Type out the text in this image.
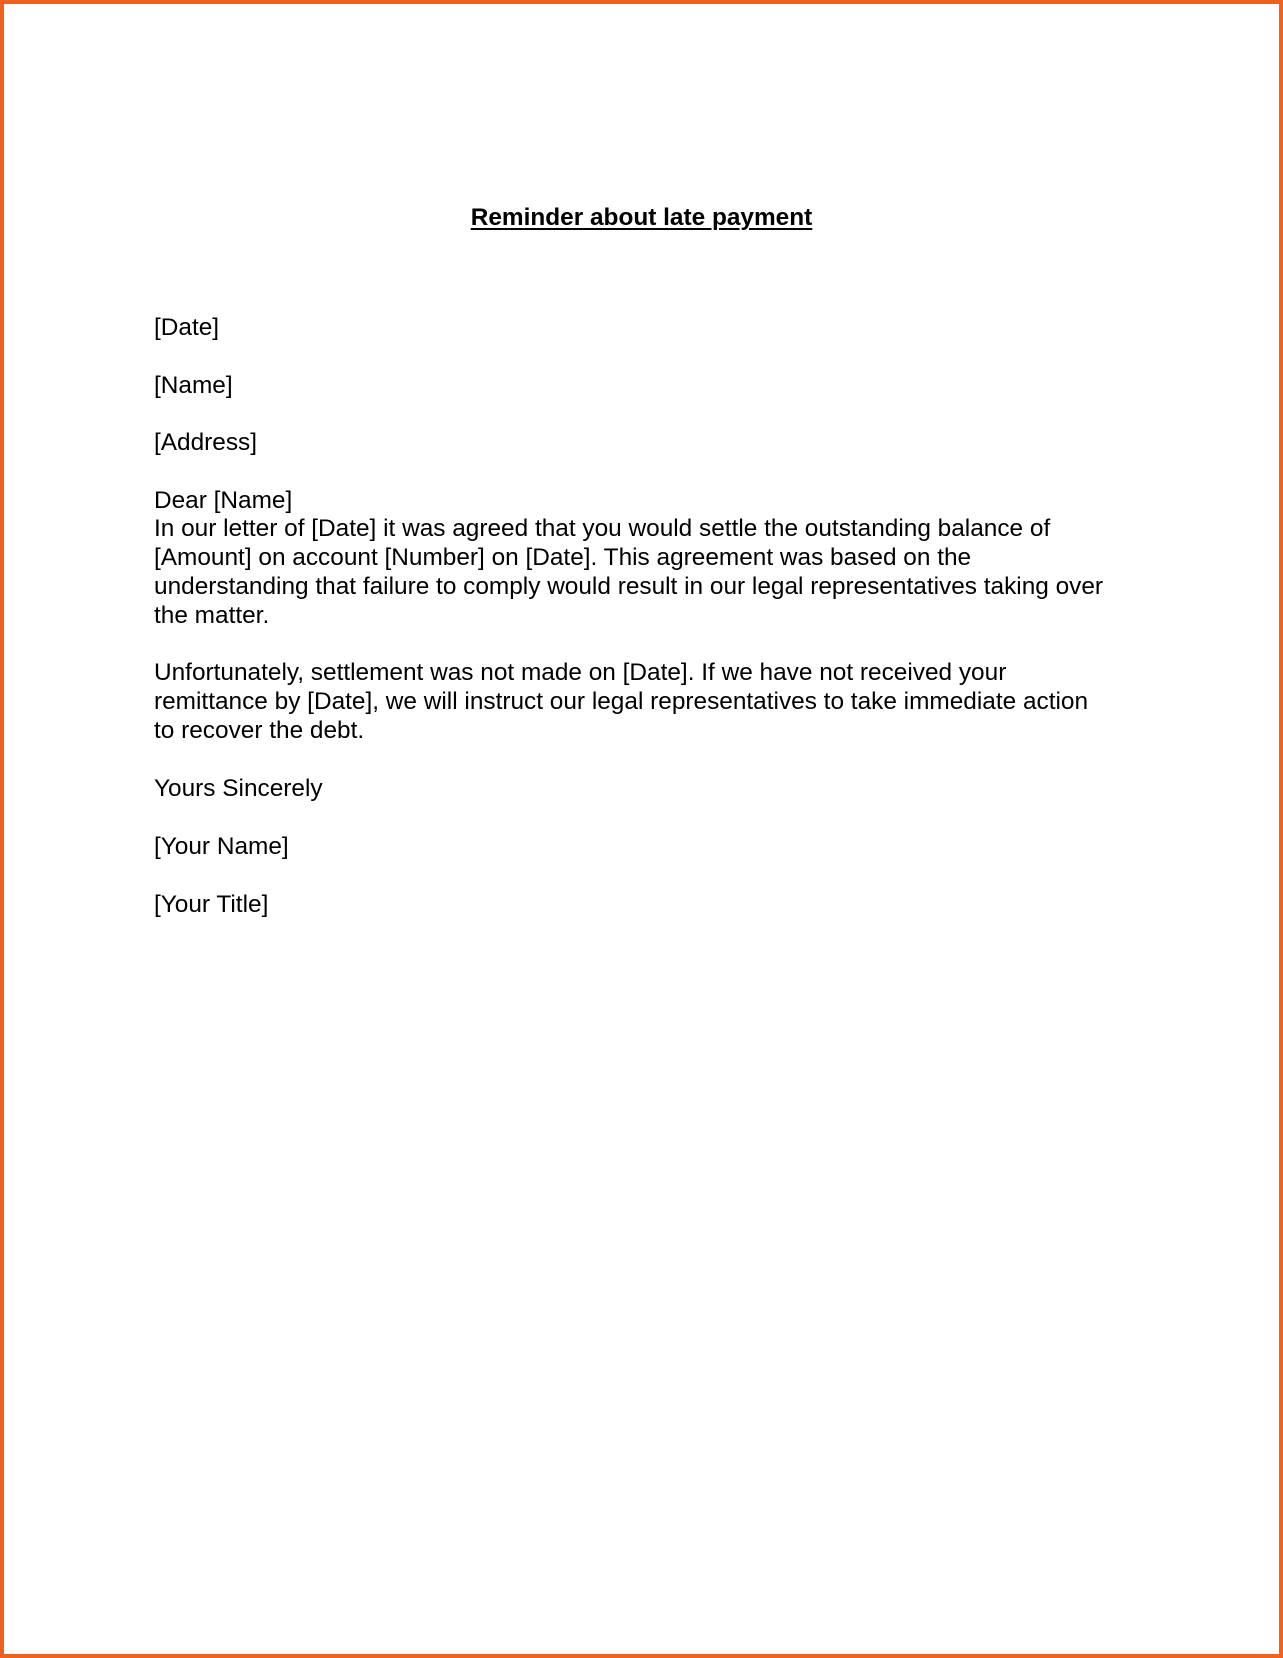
Reminder about late payment
[Date]
[Name]
[Address]
Dear [Name]
In our letter of [Date] it was agreed that you would settle the outstanding balance of
[Amount] on account [Number] on [Date]. This agreement was based on the
understanding that failure to comply would result in our legal representatives taking over
the matter.
Unfortunately, settlement was not made on [Date]. If we have not received your
remittance by [Date], we will instruct our legal representatives to take immediate action
to recover the debt.
Yours Sincerely
[Your Name]
[Your Title]
